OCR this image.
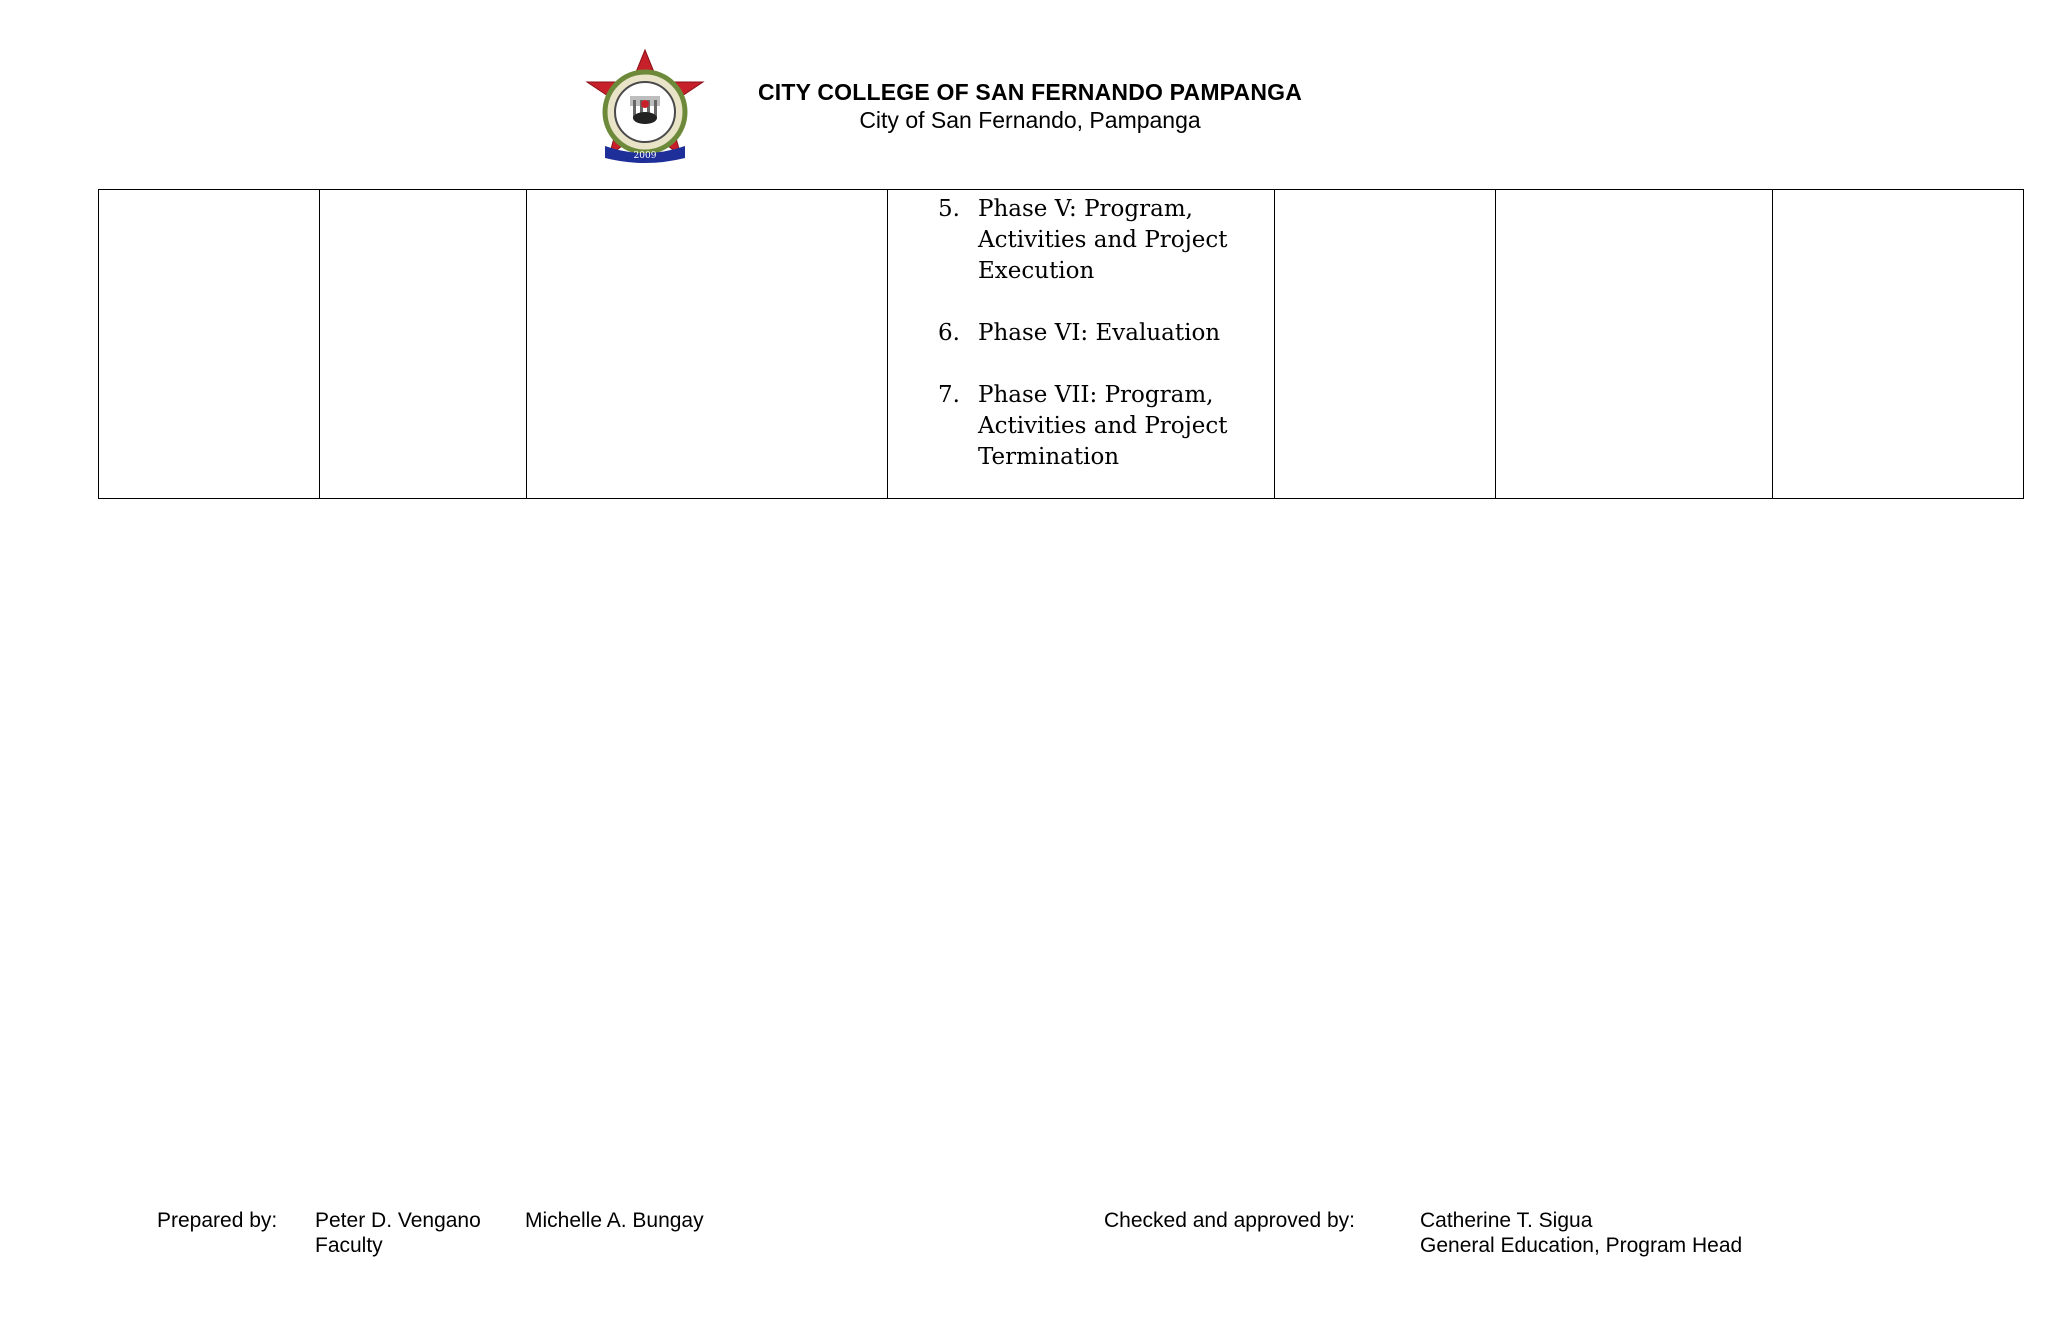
2009
CITY COLLEGE OF SAN FERNANDO PAMPANGA
City of San Fernando, Pampanga

5. Phase V: Program, Activities and Project Execution
6. Phase VI: Evaluation
7. Phase VII: Program, Activities and Project Termination

Prepared by: Peter D. Vengano
Faculty
Michelle A. Bungay	Checked and approved by:	Catherine T. Sigua
General Education, Program Head
